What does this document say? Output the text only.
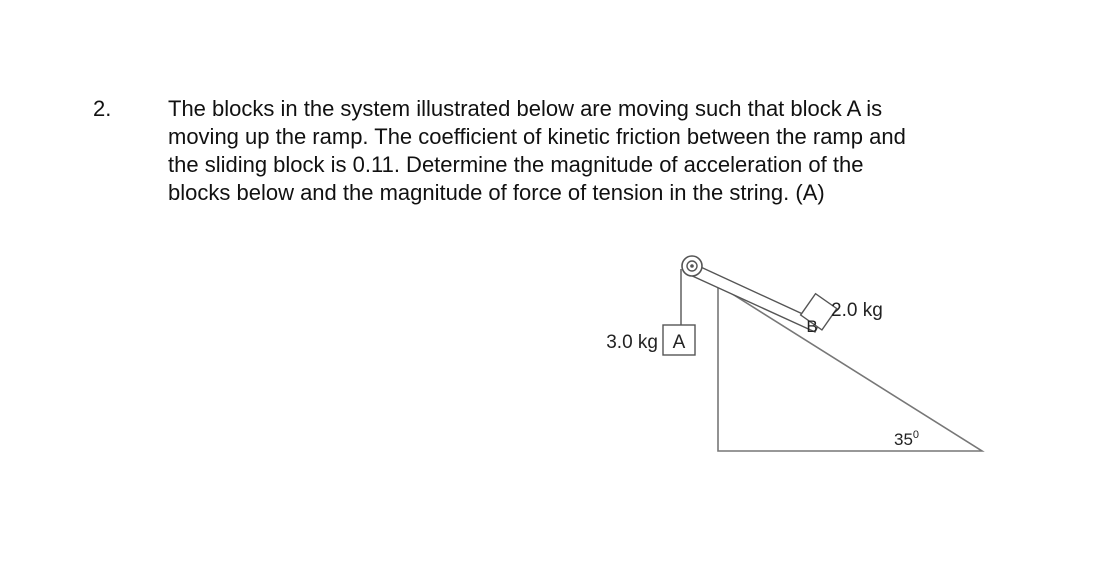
2.	The blocks in the system illustrated below are moving such that block A is
moving up the ramp. The coefficient of kinetic friction between the ramp and
the sliding block is 0.11. Determine the magnitude of acceleration of the
blocks below and the magnitude of force of tension in the string. (A)
A
3.0 kg
B
2.0 kg
$35^0$
